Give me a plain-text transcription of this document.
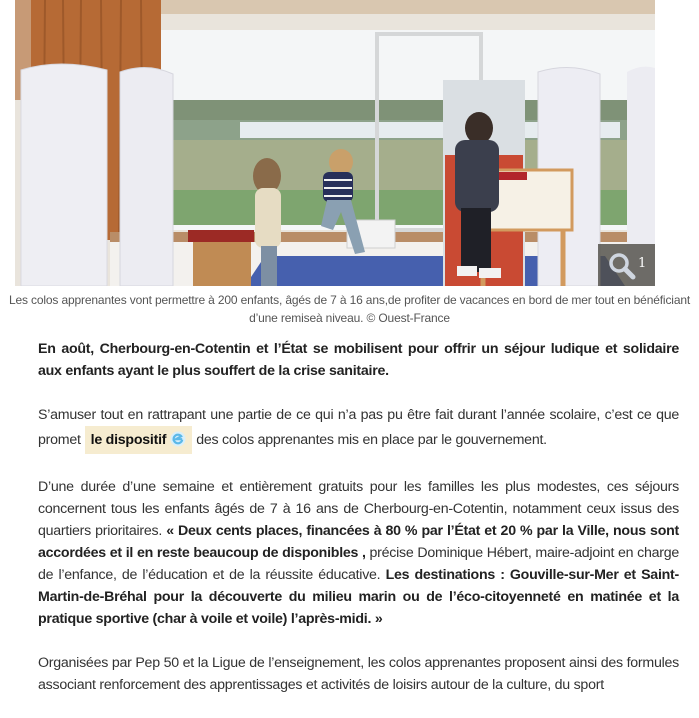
1
Les colos apprenantes vont permettre à 200 enfants, âgés de 7 à 16 ans,de profiter de vacances en bord de mer tout en bénéficiant d’une remiseà niveau. © Ouest-France

En août, Cherbourg-en-Cotentin et l’État se mobilisent pour offrir un séjour ludique et solidaire aux enfants ayant le plus souffert de la crise sanitaire.

S’amuser tout en rattrapant une partie de ce qui n’a pas pu être fait durant l’année scolaire, c’est ce que promet le dispositif des colos apprenantes mis en place par le gouvernement.

D’une durée d’une semaine et entièrement gratuits pour les familles les plus modestes, ces séjours concernent tous les enfants âgés de 7 à 16 ans de Cherbourg-en-Cotentin, notamment ceux issus des quartiers prioritaires. « Deux cents places, financées à 80 % par l’État et 20 % par la Ville, nous sont accordées et il en reste beaucoup de disponibles , précise Dominique Hébert, maire-adjoint en charge de l’enfance, de l’éducation et de la réussite éducative. Les destinations : Gouville-sur-Mer et Saint-Martin-de-Bréhal pour la découverte du milieu marin ou de l’éco-citoyenneté en matinée et la pratique sportive (char à voile et voile) l’après-midi. »

Organisées par Pep 50 et la Ligue de l’enseignement, les colos apprenantes proposent ainsi des formules associant renforcement des apprentissages et activités de loisirs autour de la culture, du sport
